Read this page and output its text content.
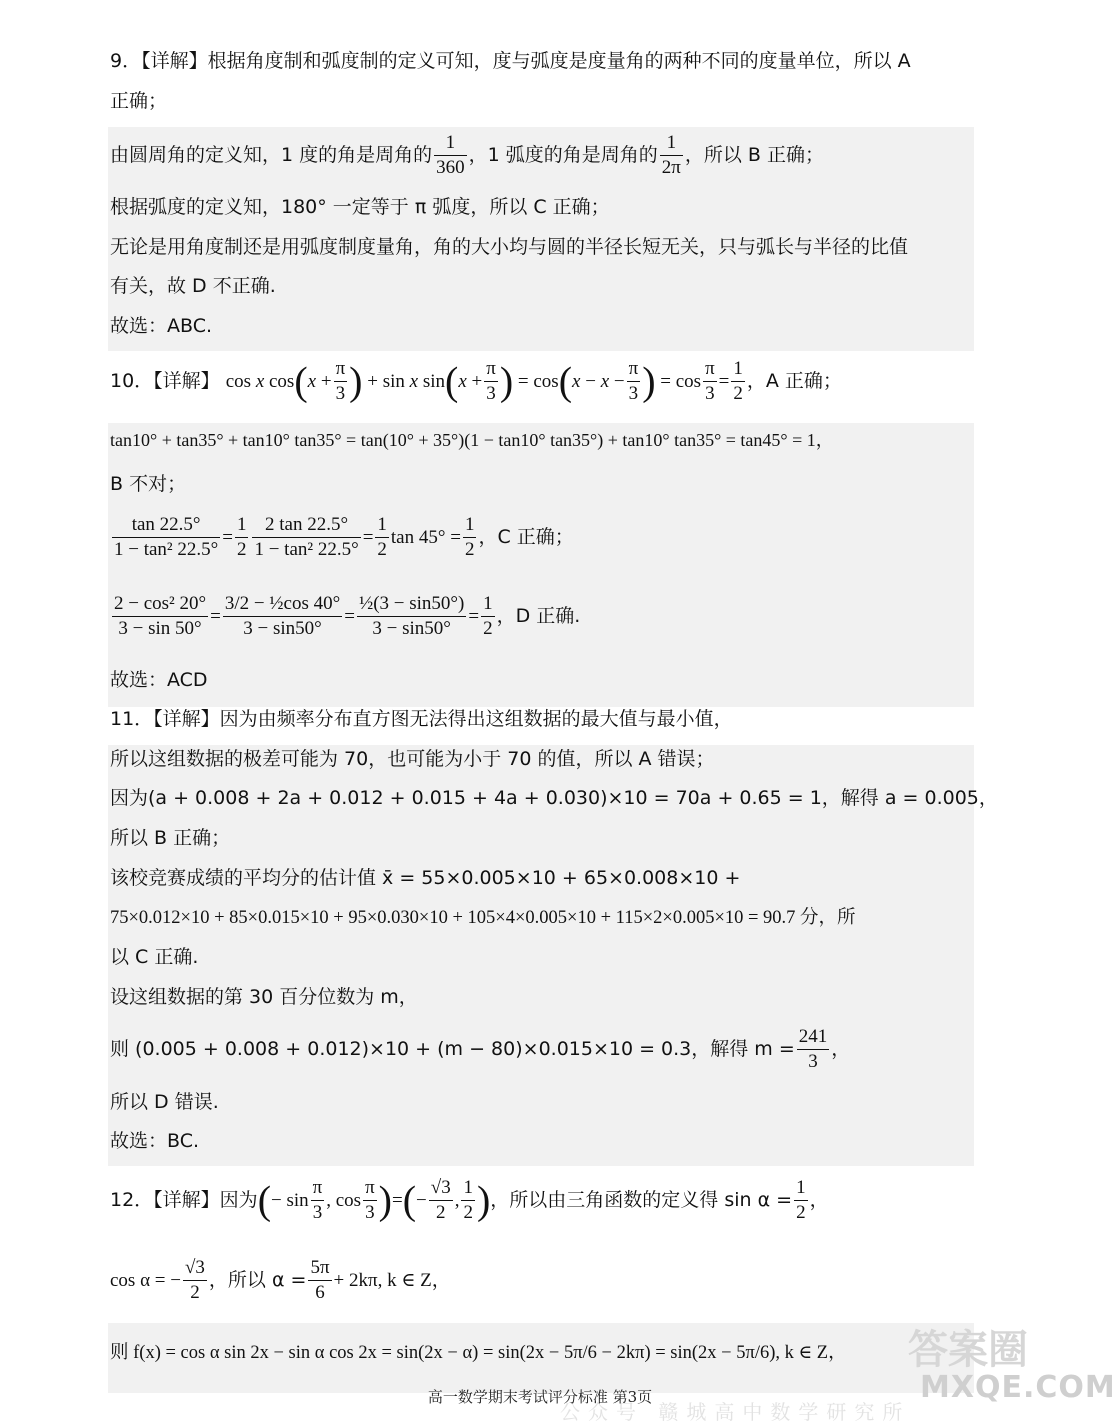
9．【详解】根据角度制和弧度制的定义可知，度与弧度是度量角的两种不同的度量单位，所以 A
正确；
由圆周角的定义知，1 度的角是周角的 $\frac{1}{360}$ ，1 弧度的角是周角的 $\frac{1}{2\pi}$ ，所以 B 正确；
根据弧度的定义知，180° 一定等于 π 弧度，所以 C 正确；
无论是用角度制还是用弧度制度量角，角的大小均与圆的半径长短无关，只与弧长与半径的比值
有关，故 D 不正确.
故选：ABC.
10．【详解】 cos x $\cos(x + \frac{\pi}{3}$ ) + sin x $\sin(x + \frac{\pi}{3}$ ) = $\cos(x - x - \frac{\pi}{3}$ ) = $\cos \frac{\pi}{3} = \frac{1}{2}$ ，A 正确；
tan10° + tan35° + tan10° tan35° = tan(10° + 35°)(1 − tan10° tan35°) + tan10° tan35° = tan45° = 1，
B 不对；
$\frac{\tan 22.5^\circ}{\text{1 − tan² 22.5°}} = \frac{1}{2} \frac{2 \tan 22.5^\circ}{\text{1 − tan² 22.5°}} = \frac{1}{2}$ $\tan 45^\circ = \frac{1}{2}$ ，C 正确；
$\frac{\text{2 − cos² 20°}}{3 - \sin 50^\circ} = \frac{\text{3/2 − ½cos 40°}}{3 - \sin 50^\circ} = \frac{\text{½(3 − sin50°)}}{3 - \sin 50^\circ} = \frac{1}{2}$ ，D 正确.
故选：ACD
11．【详解】因为由频率分布直方图无法得出这组数据的最大值与最小值，
所以这组数据的极差可能为 70，也可能为小于 70 的值，所以 A 错误；
因为(a + 0.008 + 2a + 0.012 + 0.015 + 4a + 0.030)×10 = 70a + 0.65 = 1，解得 a = 0.005，
所以 B 正确；
该校竞赛成绩的平均分的估计值 x̄ = 55×0.005×10 + 65×0.008×10 +
75×0.012×10 + 85×0.015×10 + 95×0.030×10 + 105×4×0.005×10 + 115×2×0.005×10 = 90.7 分，所
以 C 正确.
设这组数据的第 30 百分位数为 m，
则 (0.005 + 0.008 + 0.012)×10 + (m − 80)×0.015×10 = 0.3，解得 $m = \frac{241}{3}$ ，
所以 D 错误.
故选：BC.
12．【详解】因为(− $\sin \frac{\pi}{3}$ , $\cos \frac{\pi}{3}$ )=(− $\frac{√3}{2}$ , $\frac{1}{2}$ )，所以由三角函数的定义得 $\sin \alpha = \frac{1}{2}$ ，
cos α = − $\frac{√3}{2}$ ，所以 $\alpha = \frac{5\pi}{6} + 2k\pi$, k ∈ Z，
则 f(x) = cos α sin 2x − sin α cos 2x = sin(2x − α) = sin(2x − 5π/6 − 2kπ) = sin(2x − 5π/6), k ∈ Z， 答案圈
MXQE.COM
公众号 赣城高中数学研究所
高一数学期末考试评分标准 第3页
